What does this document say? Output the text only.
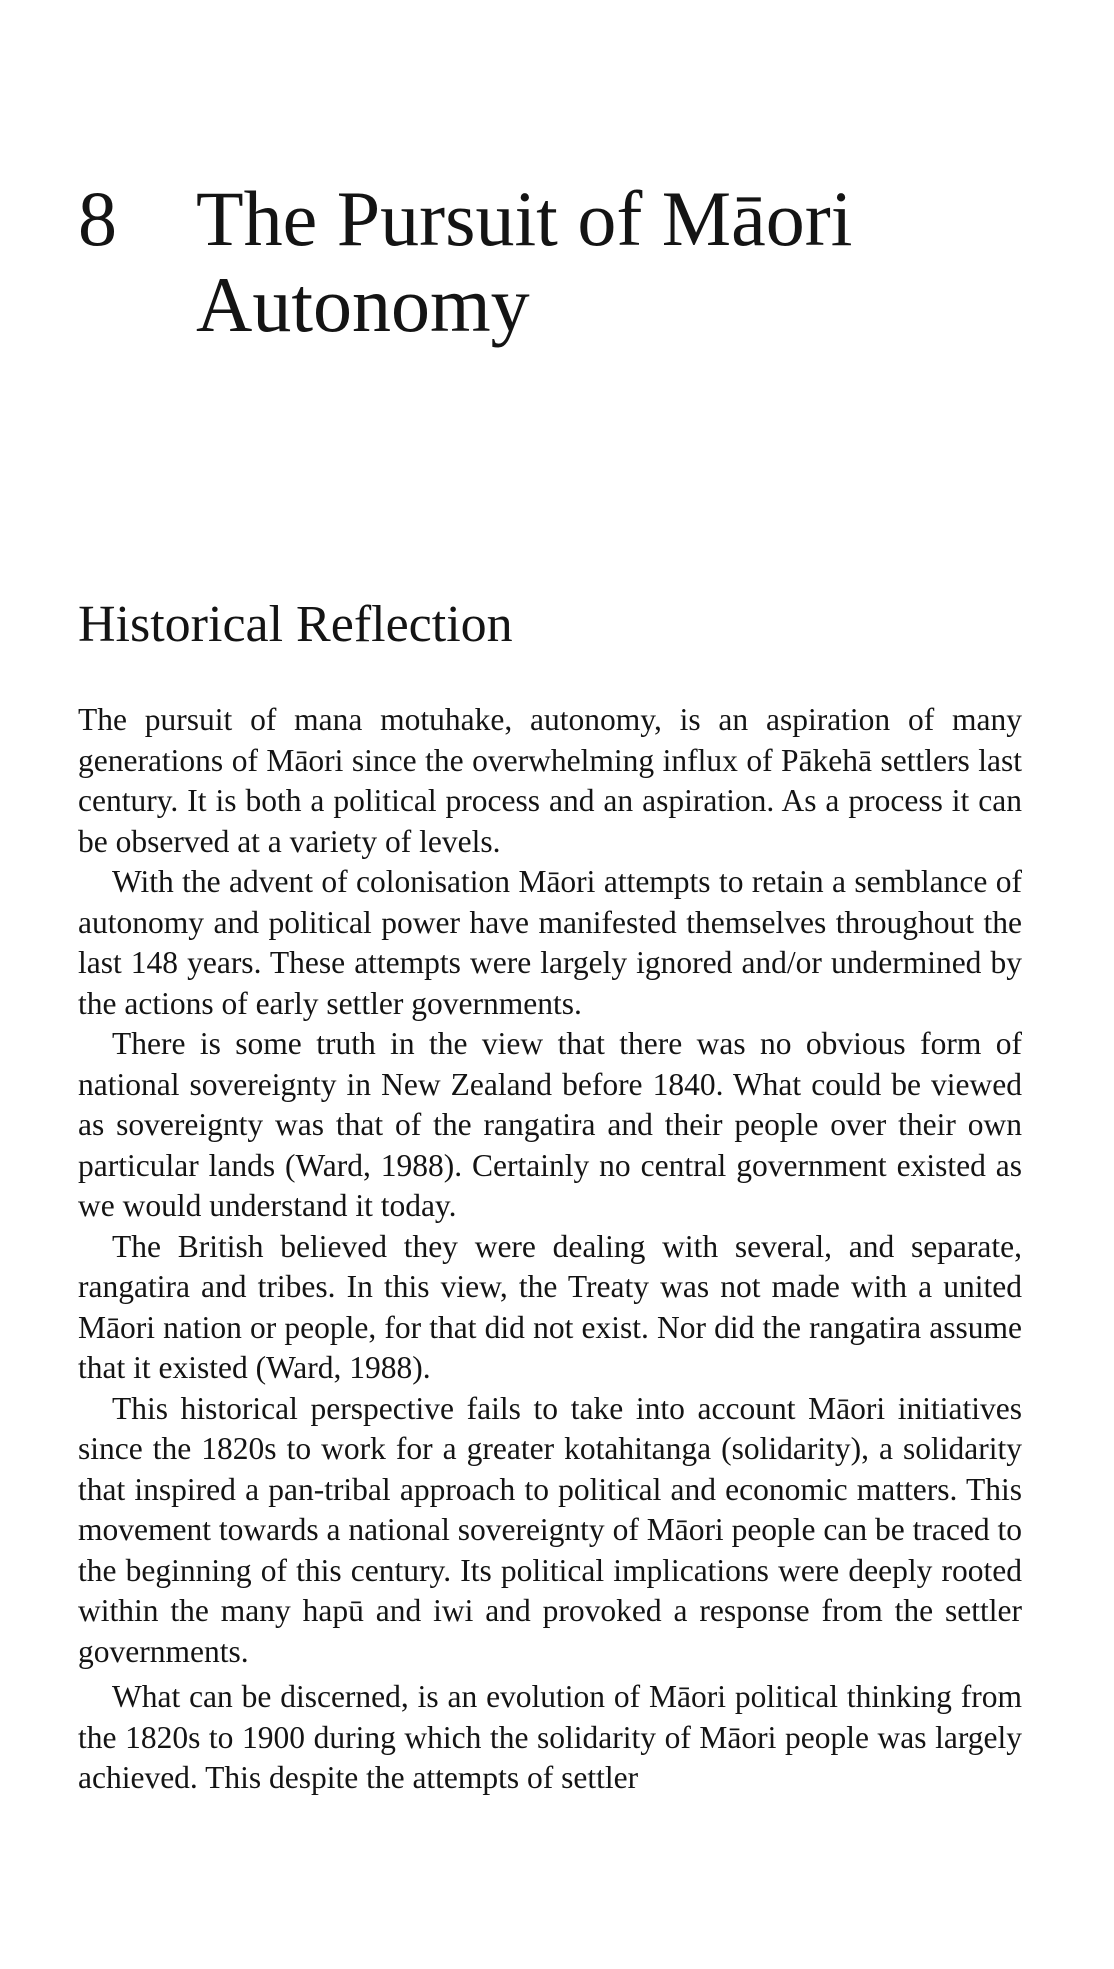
8 The Pursuit of Māori Autonomy
Historical Reflection

The pursuit of mana motuhake, autonomy, is an aspiration of many generations of Māori since the overwhelming influx of Pākehā settlers last century. It is both a political process and an aspiration. As a process it can be observed at a variety of levels.

With the advent of colonisation Māori attempts to retain a semblance of autonomy and political power have manifested themselves throughout the last 148 years. These attempts were largely ignored and/or undermined by the actions of early settler governments.

There is some truth in the view that there was no obvious form of national sovereignty in New Zealand before 1840. What could be viewed as sovereignty was that of the rangatira and their people over their own particular lands (Ward, 1988). Certainly no central government existed as we would understand it today.

The British believed they were dealing with several, and separate, rangatira and tribes. In this view, the Treaty was not made with a united Māori nation or people, for that did not exist. Nor did the rangatira assume that it existed (Ward, 1988).

This historical perspective fails to take into account Māori initiatives since the 1820s to work for a greater kotahitanga (solidarity), a solidarity that inspired a pan-tribal approach to political and economic matters. This movement towards a national sovereignty of Māori people can be traced to the beginning of this century. Its political implications were deeply rooted within the many hapū and iwi and provoked a response from the settler governments.

What can be discerned, is an evolution of Māori political thinking from the 1820s to 1900 during which the solidarity of Māori people was largely achieved. This despite the attempts of settler
